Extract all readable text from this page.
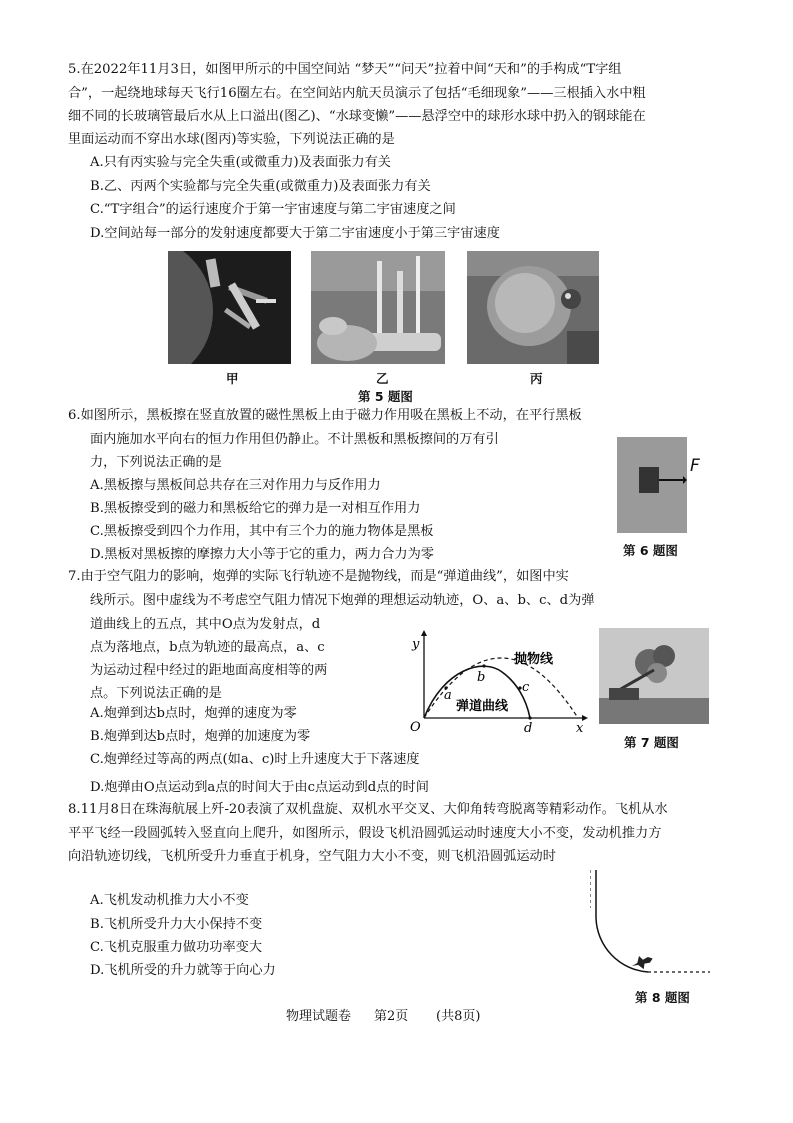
5.在2022年11月3日，如图甲所示的中国空间站 “梦天”“问天”拉着中间“天和”的手构成“T字组
合”，一起绕地球每天飞行16圈左右。在空间站内航天员演示了包括“毛细现象”——三根插入水中粗
细不同的长玻璃管最后水从上口溢出(图乙)、“水球变懒”——悬浮空中的球形水球中扔入的钢球能在
里面运动而不穿出水球(图丙)等实验，下列说法正确的是
A.只有丙实验与完全失重(或微重力)及表面张力有关
B.乙、丙两个实验都与完全失重(或微重力)及表面张力有关
C.“T字组合”的运行速度介于第一宇宙速度与第二宇宙速度之间
D.空间站每一部分的发射速度都要大于第二宇宙速度小于第三宇宙速度
甲	乙	丙
第 5 题图
6.如图所示，黑板擦在竖直放置的磁性黑板上由于磁力作用吸在黑板上不动，在平行黑板
面内施加水平向右的恒力作用但仍静止。不计黑板和黑板擦间的万有引
力，下列说法正确的是
A.黑板擦与黑板间总共存在三对作用力与反作用力
B.黑板擦受到的磁力和黑板给它的弹力是一对相互作用力
C.黑板擦受到四个力作用，其中有三个力的施力物体是黑板
D.黑板对黑板擦的摩擦力大小等于它的重力，两力合力为零
F
第 6 题图
7.由于空气阻力的影响，炮弹的实际飞行轨迹不是抛物线，而是“弹道曲线”，如图中实
线所示。图中虚线为不考虑空气阻力情况下炮弹的理想运动轨迹，O、a、b、c、d为弹
道曲线上的五点，其中O点为发射点，d
点为落地点，b点为轨迹的最高点，a、c
为运动过程中经过的距地面高度相等的两
点。下列说法正确的是
A.炮弹到达b点时，炮弹的速度为零
B.炮弹到达b点时，炮弹的加速度为零
C.炮弹经过等高的两点(如a、c)时上升速度大于下落速度
D.炮弹由O点运动到a点的时间大于由c点运动到d点的时间
y
x
O
a
b
c
d
抛物线
弹道曲线
第 7 题图
8.11月8日在珠海航展上歼-20表演了双机盘旋、双机水平交叉、大仰角转弯脱离等精彩动作。飞机从水
平平飞经一段圆弧转入竖直向上爬升，如图所示，假设飞机沿圆弧运动时速度大小不变，发动机推力方
向沿轨迹切线，飞机所受升力垂直于机身，空气阻力大小不变，则飞机沿圆弧运动时
A.飞机发动机推力大小不变
B.飞机所受升力大小保持不变
C.飞机克服重力做功功率变大
D.飞机所受的升力就等于向心力
第 8 题图
物理试题卷 第2页 (共8页)
